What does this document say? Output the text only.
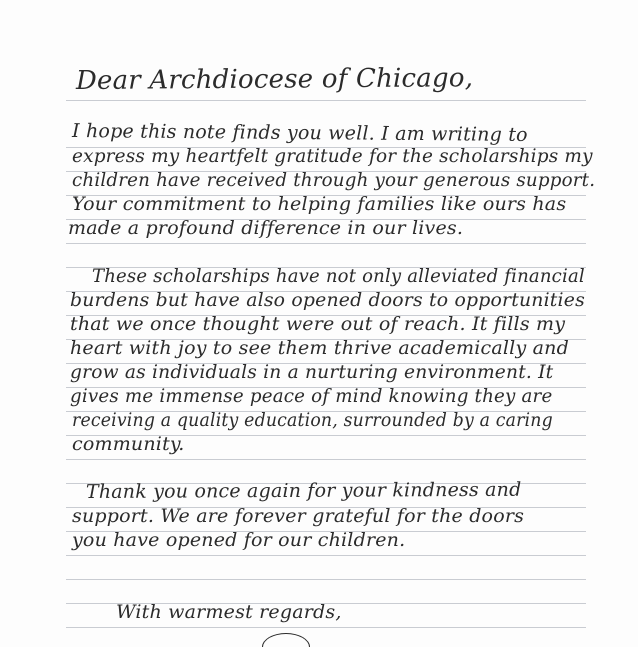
Dear Archdiocese of Chicago,
I hope this note finds you well. I am writing to
express my heartfelt gratitude for the scholarships my
children have received through your generous support.
Your commitment to helping families like ours has
made a profound difference in our lives.
These scholarships have not only alleviated financial
burdens but have also opened doors to opportunities
that we once thought were out of reach. It fills my
heart with joy to see them thrive academically and
grow as individuals in a nurturing environment. It
gives me immense peace of mind knowing they are
receiving a quality education, surrounded by a caring
community.
Thank you once again for your kindness and
support. We are forever grateful for the doors
you have opened for our children.
With warmest regards,
